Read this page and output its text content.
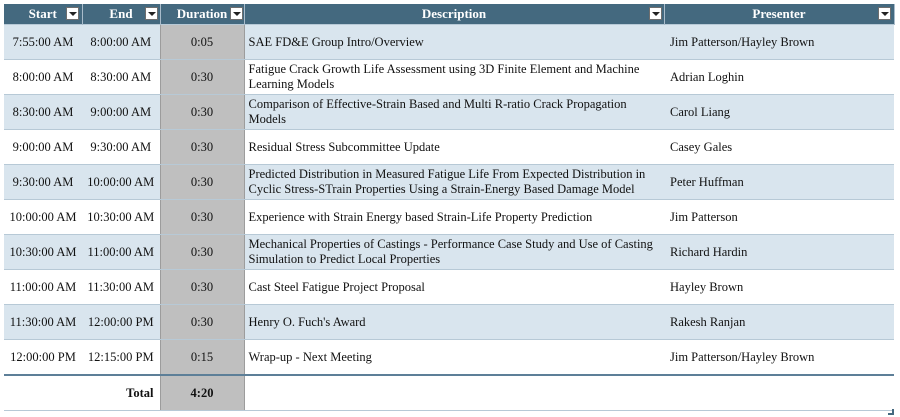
Start	End	Duration	Description	Presenter

7:55:00 AM	8:00:00 AM	0:05	SAE FD&E Group Intro/Overview	Jim Patterson/Hayley Brown
8:00:00 AM	8:30:00 AM	0:30	Fatigue Crack Growth Life Assessment using 3D Finite Element and Machine Learning Models	Adrian Loghin
8:30:00 AM	9:00:00 AM	0:30	Comparison of Effective-Strain Based and Multi R-ratio Crack Propagation Models	Carol Liang
9:00:00 AM	9:30:00 AM	0:30	Residual Stress Subcommittee Update	Casey Gales
9:30:00 AM	10:00:00 AM	0:30	Predicted Distribution in Measured Fatigue Life From Expected Distribution in Cyclic Stress-STrain Properties Using a Strain-Energy Based Damage Model	Peter Huffman
10:00:00 AM	10:30:00 AM	0:30	Experience with Strain Energy based Strain-Life Property Prediction	Jim Patterson
10:30:00 AM	11:00:00 AM	0:30	Mechanical Properties of Castings - Performance Case Study and Use of Casting Simulation to Predict Local Properties	Richard Hardin
11:00:00 AM	11:30:00 AM	0:30	Cast Steel Fatigue Project Proposal	Hayley Brown
11:30:00 AM	12:00:00 PM	0:30	Henry O. Fuch's Award	Rakesh Ranjan
12:00:00 PM	12:15:00 PM	0:15	Wrap-up - Next Meeting	Jim Patterson/Hayley Brown
	Total	4:20		
